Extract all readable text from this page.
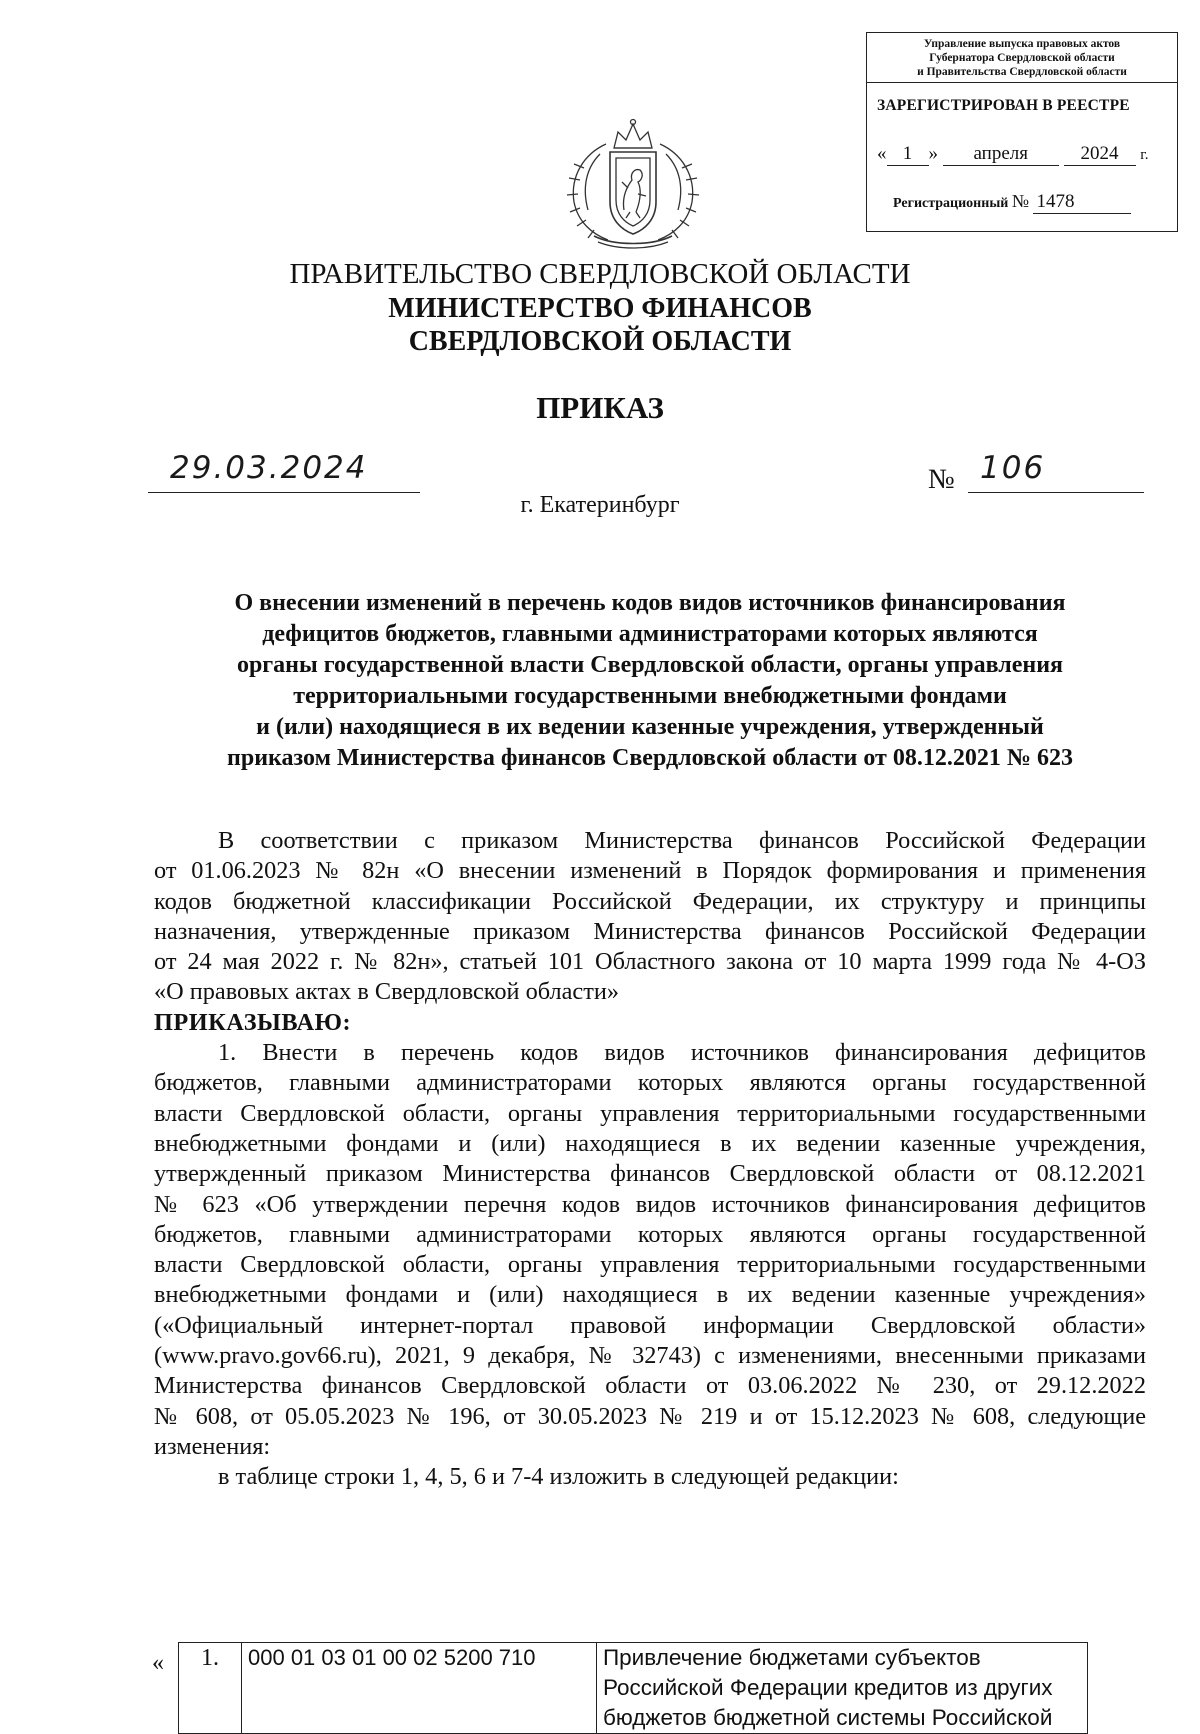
Управление выпуска правовых актов
Губернатора Свердловской области
и Правительства Свердловской области
ЗАРЕГИСТРИРОВАН В РЕЕСТРЕ
« 1 » апреля	2024 г.
Регистрационный № 1478
ПРАВИТЕЛЬСТВО СВЕРДЛОВСКОЙ ОБЛАСТИ
МИНИСТЕРСТВО ФИНАНСОВ
СВЕРДЛОВСКОЙ ОБЛАСТИ
ПРИКАЗ
29.03.2024	№ 106
г. Екатеринбург
О внесении изменений в перечень кодов видов источников финансирования
дефицитов бюджетов, главными администраторами которых являются
органы государственной власти Свердловской области, органы управления
территориальными государственными внебюджетными фондами
и (или) находящиеся в их ведении казенные учреждения, утвержденный
приказом Министерства финансов Свердловской области от 08.12.2021 № 623
В соответствии с приказом Министерства финансов Российской Федерации
от 01.06.2023 № 82н «О внесении изменений в Порядок формирования и применения
кодов бюджетной классификации Российской Федерации, их структуру и принципы
назначения, утвержденные приказом Министерства финансов Российской Федерации
от 24 мая 2022 г. № 82н», статьей 101 Областного закона от 10 марта 1999 года № 4-ОЗ
«О правовых актах в Свердловской области»
ПРИКАЗЫВАЮ:
1. Внести в перечень кодов видов источников финансирования дефицитов
бюджетов, главными администраторами которых являются органы государственной
власти Свердловской области, органы управления территориальными государственными
внебюджетными фондами и (или) находящиеся в их ведении казенные учреждения,
утвержденный приказом Министерства финансов Свердловской области от 08.12.2021
№ 623 «Об утверждении перечня кодов видов источников финансирования дефицитов
бюджетов, главными администраторами которых являются органы государственной
власти Свердловской области, органы управления территориальными государственными
внебюджетными фондами и (или) находящиеся в их ведении казенные учреждения»
(«Официальный интернет-портал правовой информации Свердловской области»
(www.pravo.gov66.ru), 2021, 9 декабря, № 32743) с изменениями, внесенными приказами
Министерства финансов Свердловской области от 03.06.2022 № 230, от 29.12.2022
№ 608, от 05.05.2023 № 196, от 30.05.2023 № 219 и от 15.12.2023 № 608, следующие
изменения:
в таблице строки 1, 4, 5, 6 и 7-4 изложить в следующей редакции:
« 1.	000 01 03 01 00 02 5200 710	Привлечение бюджетами субъектов
Российской Федерации кредитов из других
бюджетов бюджетной системы Российской
